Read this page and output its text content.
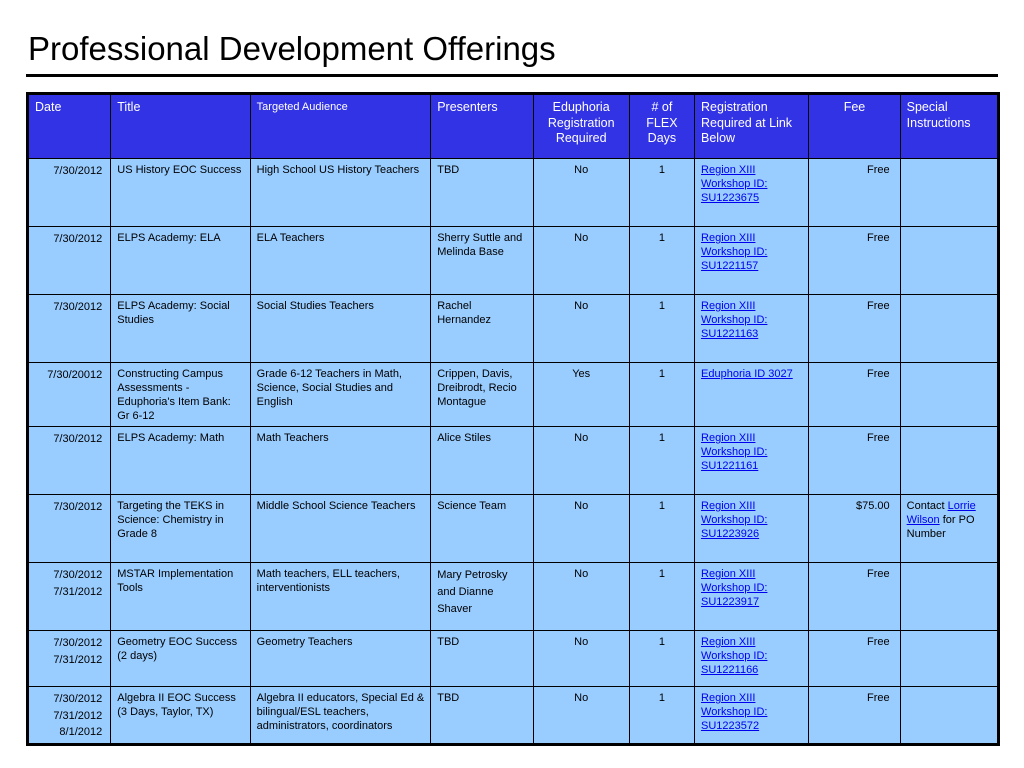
Professional Development Offerings
Date	Title	Targeted Audience	Presenters	Eduphoria Registration Required	# of FLEX Days	Registration Required at Link Below	Fee	Special Instructions

7/30/2012	US History EOC Success	High School US History Teachers	TBD	No	1	Region XIII Workshop ID: SU1223675	Free	

7/30/2012	ELPS Academy: ELA	ELA Teachers	Sherry Suttle and Melinda Base	No	1	Region XIII Workshop ID: SU1221157	Free	

7/30/2012	ELPS Academy: Social Studies	Social Studies Teachers	Rachel Hernandez	No	1	Region XIII Workshop ID: SU1221163	Free	

7/30/20012	Constructing Campus Assessments - Eduphoria's Item Bank: Gr 6-12	Grade 6-12 Teachers in Math, Science, Social Studies and English	Crippen, Davis, Dreibrodt, Recio Montague	Yes	1	Eduphoria ID 3027	Free	

7/30/2012	ELPS Academy: Math	Math Teachers	Alice Stiles	No	1	Region XIII Workshop ID: SU1221161	Free	

7/30/2012	Targeting the TEKS in Science: Chemistry in Grade 8	Middle School Science Teachers	Science Team	No	1	Region XIII Workshop ID: SU1223926	$75.00	Contact Lorrie Wilson for PO Number

7/30/2012
7/31/2012	MSTAR Implementation Tools	Math teachers, ELL teachers, interventionists	Mary Petrosky
and Dianne
Shaver	No	1	Region XIII Workshop ID: SU1223917	Free	

7/30/2012
7/31/2012	Geometry EOC Success (2 days)	Geometry Teachers	TBD	No	1	Region XIII Workshop ID: SU1221166	Free	

7/30/2012
7/31/2012
8/1/2012	Algebra II EOC Success (3 Days, Taylor, TX)	Algebra II educators, Special Ed & bilingual/ESL teachers, administrators, coordinators	TBD	No	1	Region XIII Workshop ID: SU1223572	Free	
